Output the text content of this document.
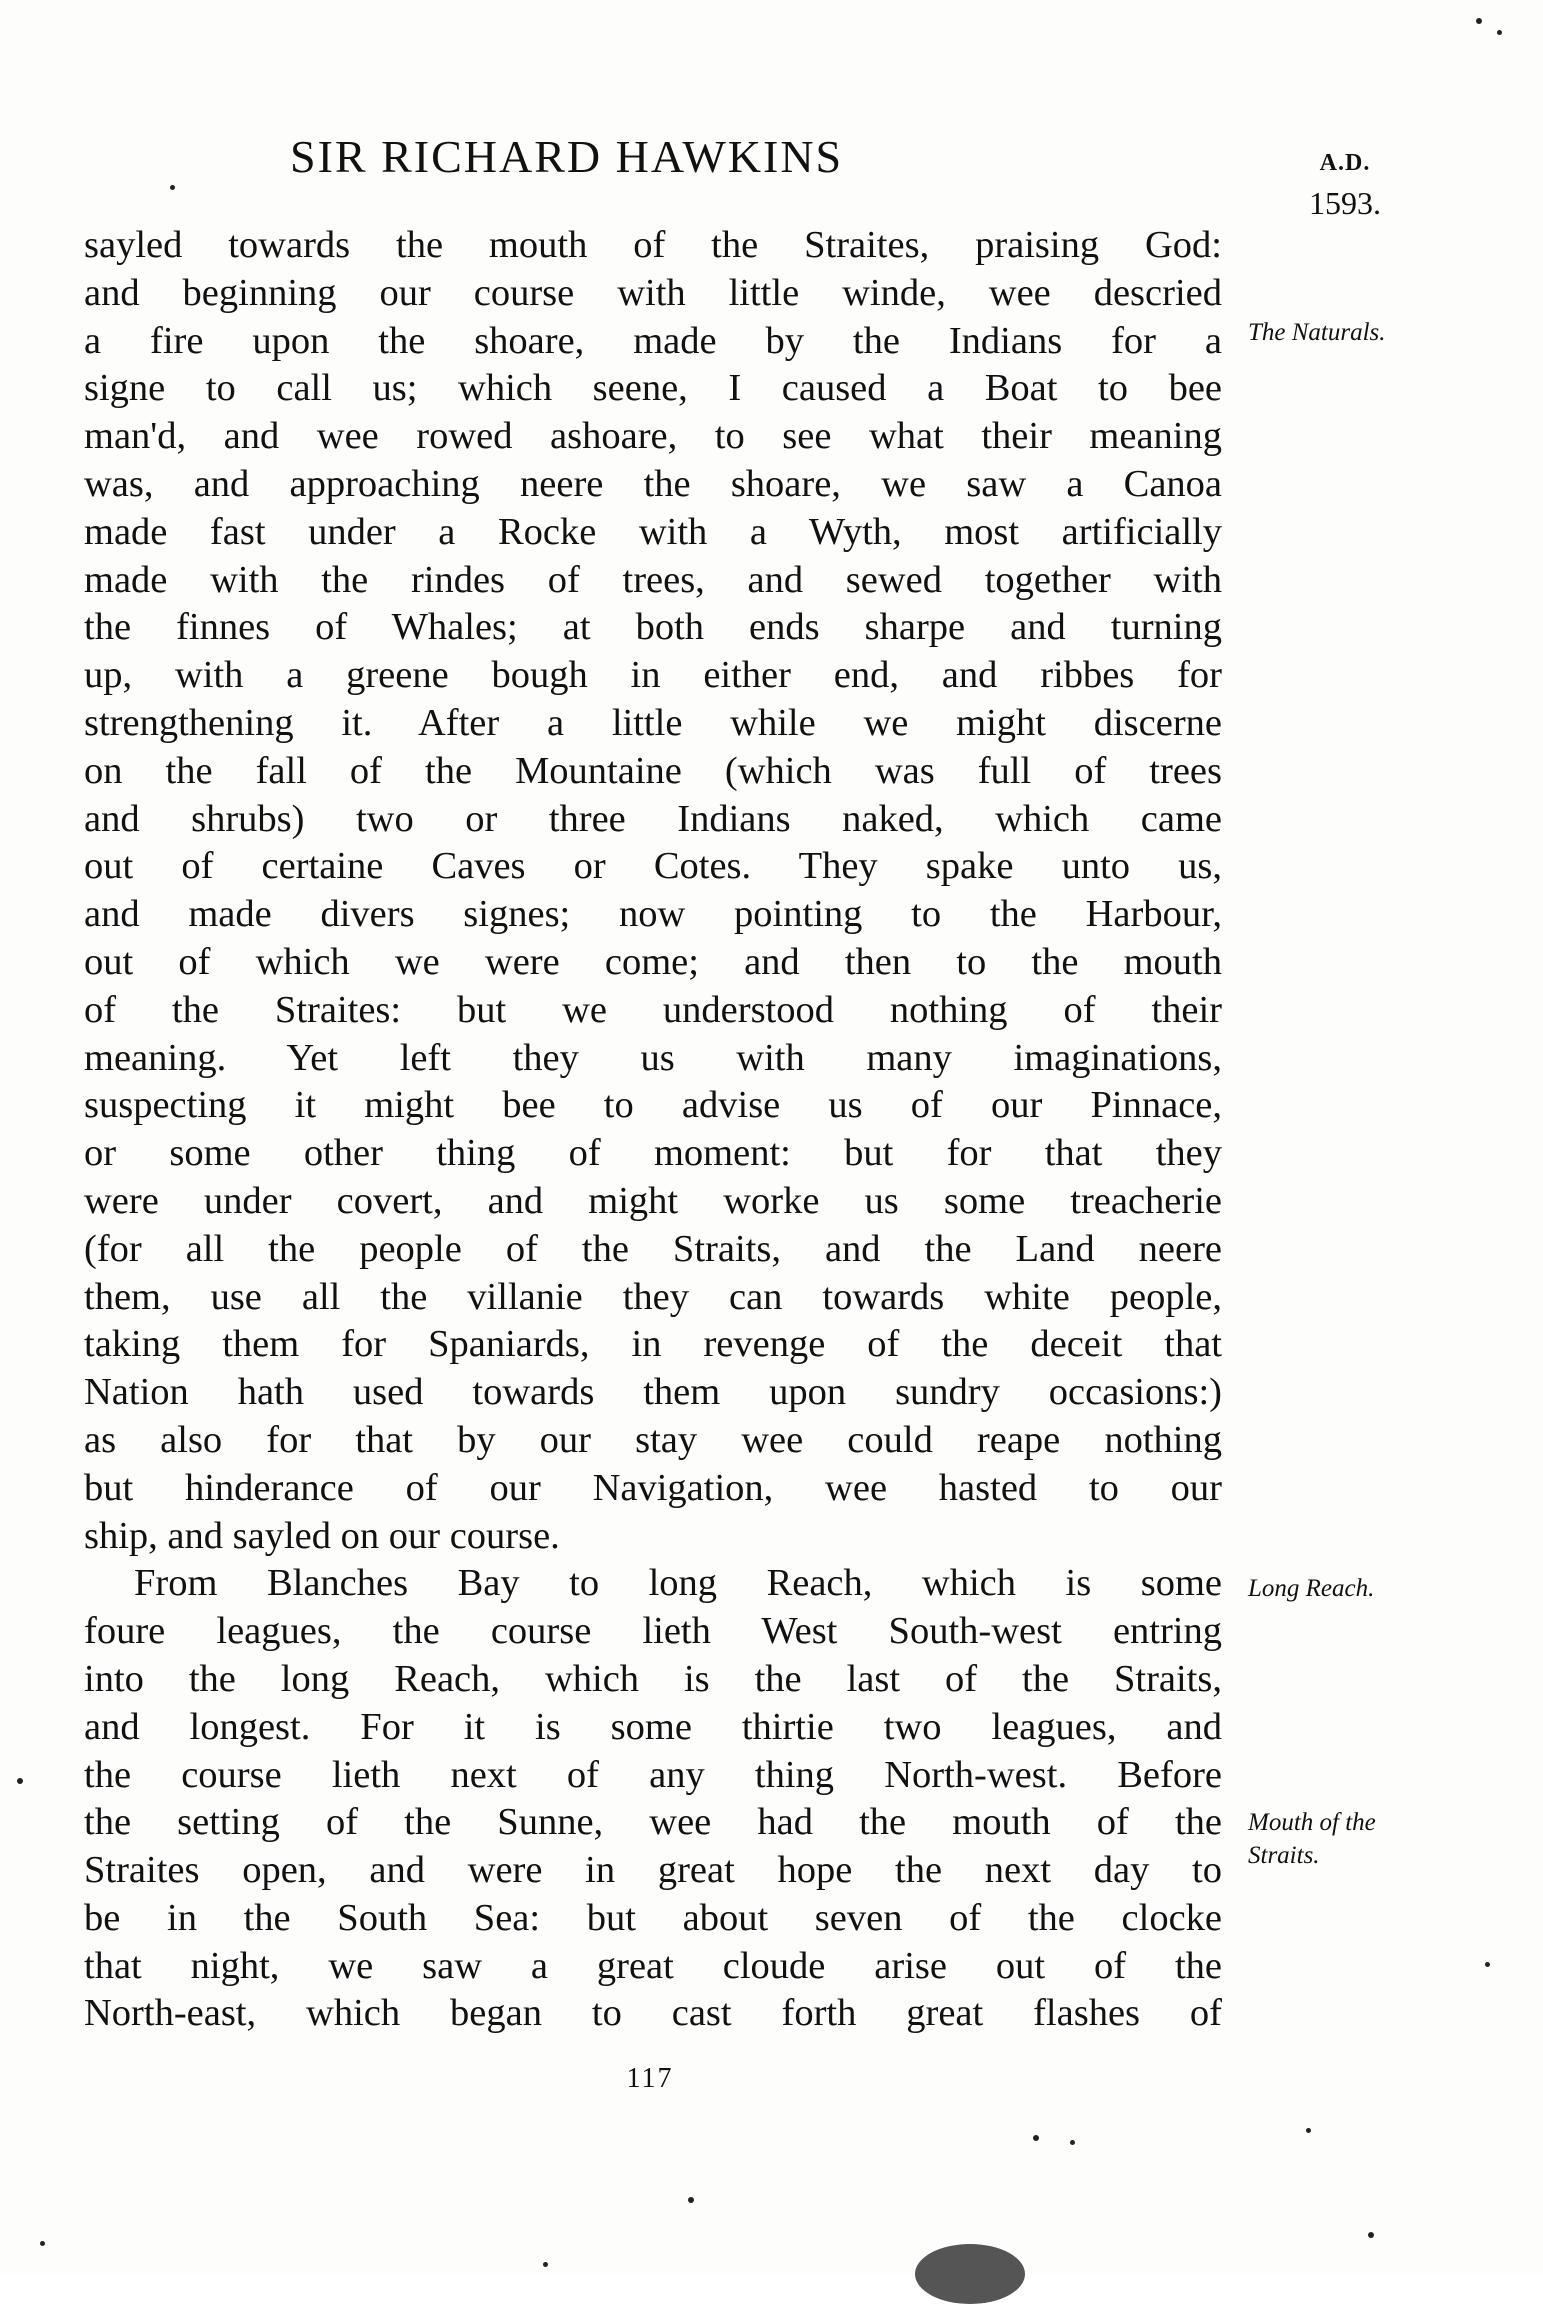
SIR RICHARD HAWKINS	A.D.
1593.
sayled towards the mouth of the Straites, praising God:
and beginning our course with little winde, wee descried
a fire upon the shoare, made by the Indians for a
signe to call us; which seene, I caused a Boat to bee
man'd, and wee rowed ashoare, to see what their meaning
was, and approaching neere the shoare, we saw a Canoa
made fast under a Rocke with a Wyth, most artificially
made with the rindes of trees, and sewed together with
the finnes of Whales; at both ends sharpe and turning
up, with a greene bough in either end, and ribbes for
strengthening it. After a little while we might discerne
on the fall of the Mountaine (which was full of trees
and shrubs) two or three Indians naked, which came
out of certaine Caves or Cotes. They spake unto us,
and made divers signes; now pointing to the Harbour,
out of which we were come; and then to the mouth
of the Straites: but we understood nothing of their
meaning. Yet left they us with many imaginations,
suspecting it might bee to advise us of our Pinnace,
or some other thing of moment: but for that they
were under covert, and might worke us some treacherie
(for all the people of the Straits, and the Land neere
them, use all the villanie they can towards white people,
taking them for Spaniards, in revenge of the deceit that
Nation hath used towards them upon sundry occasions:)
as also for that by our stay wee could reape nothing
but hinderance of our Navigation, wee hasted to our
ship, and sayled on our course.
From Blanches Bay to long Reach, which is some
foure leagues, the course lieth West South-west entring
into the long Reach, which is the last of the Straits,
and longest. For it is some thirtie two leagues, and
the course lieth next of any thing North-west. Before
the setting of the Sunne, wee had the mouth of the
Straites open, and were in great hope the next day to
be in the South Sea: but about seven of the clocke
that night, we saw a great cloude arise out of the
North-east, which began to cast forth great flashes of
The Naturals.
Long Reach.
Mouth of the Straits.
117
